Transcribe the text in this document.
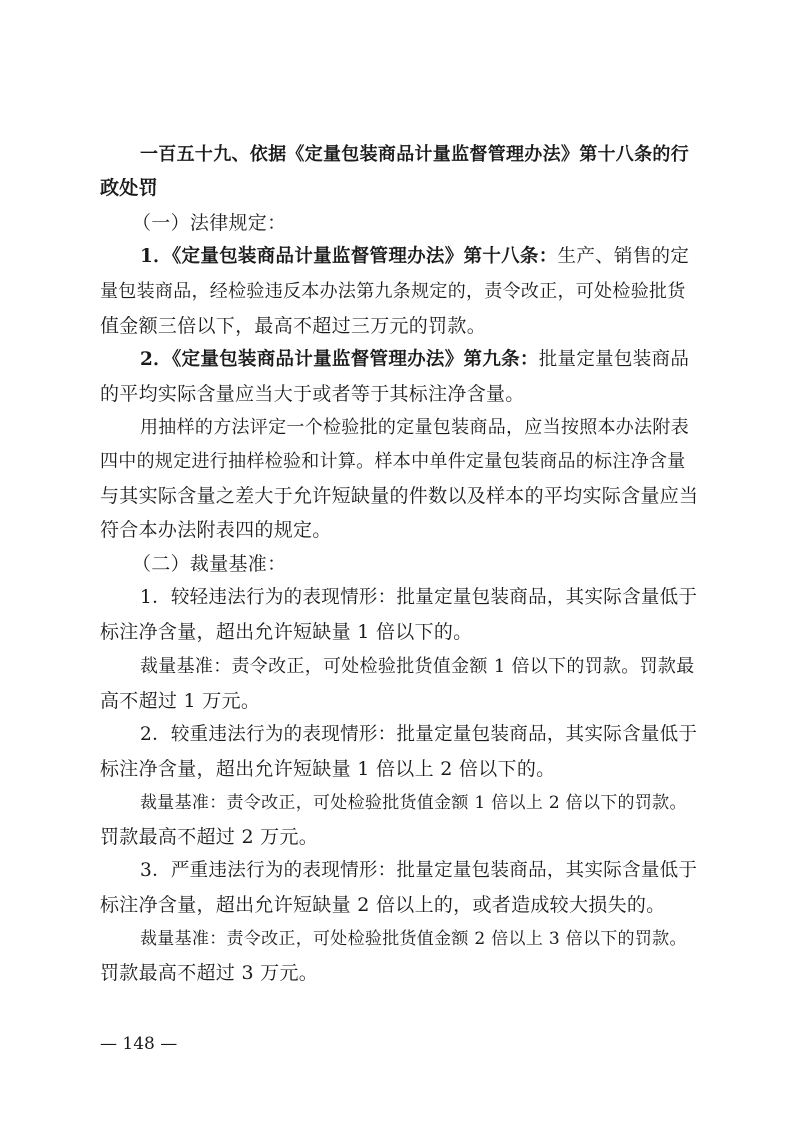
一百五十九、依据《定量包装商品计量监督管理办法》第十八条的行
政处罚
（一）法律规定：
1．《定量包装商品计量监督管理办法》第十八条：生产、销售的定
量包装商品，经检验违反本办法第九条规定的，责令改正，可处检验批货
值金额三倍以下，最高不超过三万元的罚款。
2．《定量包装商品计量监督管理办法》第九条：批量定量包装商品
的平均实际含量应当大于或者等于其标注净含量。
用抽样的方法评定一个检验批的定量包装商品，应当按照本办法附表
四中的规定进行抽样检验和计算。样本中单件定量包装商品的标注净含量
与其实际含量之差大于允许短缺量的件数以及样本的平均实际含量应当
符合本办法附表四的规定。
（二）裁量基准：
1．较轻违法行为的表现情形：批量定量包装商品，其实际含量低于
标注净含量，超出允许短缺量 1 倍以下的。
裁量基准：责令改正，可处检验批货值金额 1 倍以下的罚款。罚款最
高不超过 1 万元。
2．较重违法行为的表现情形：批量定量包装商品，其实际含量低于
标注净含量，超出允许短缺量 1 倍以上 2 倍以下的。
裁量基准：责令改正，可处检验批货值金额 1 倍以上 2 倍以下的罚款。
罚款最高不超过 2 万元。
3．严重违法行为的表现情形：批量定量包装商品，其实际含量低于
标注净含量，超出允许短缺量 2 倍以上的，或者造成较大损失的。
裁量基准：责令改正，可处检验批货值金额 2 倍以上 3 倍以下的罚款。
罚款最高不超过 3 万元。
— 148 —
